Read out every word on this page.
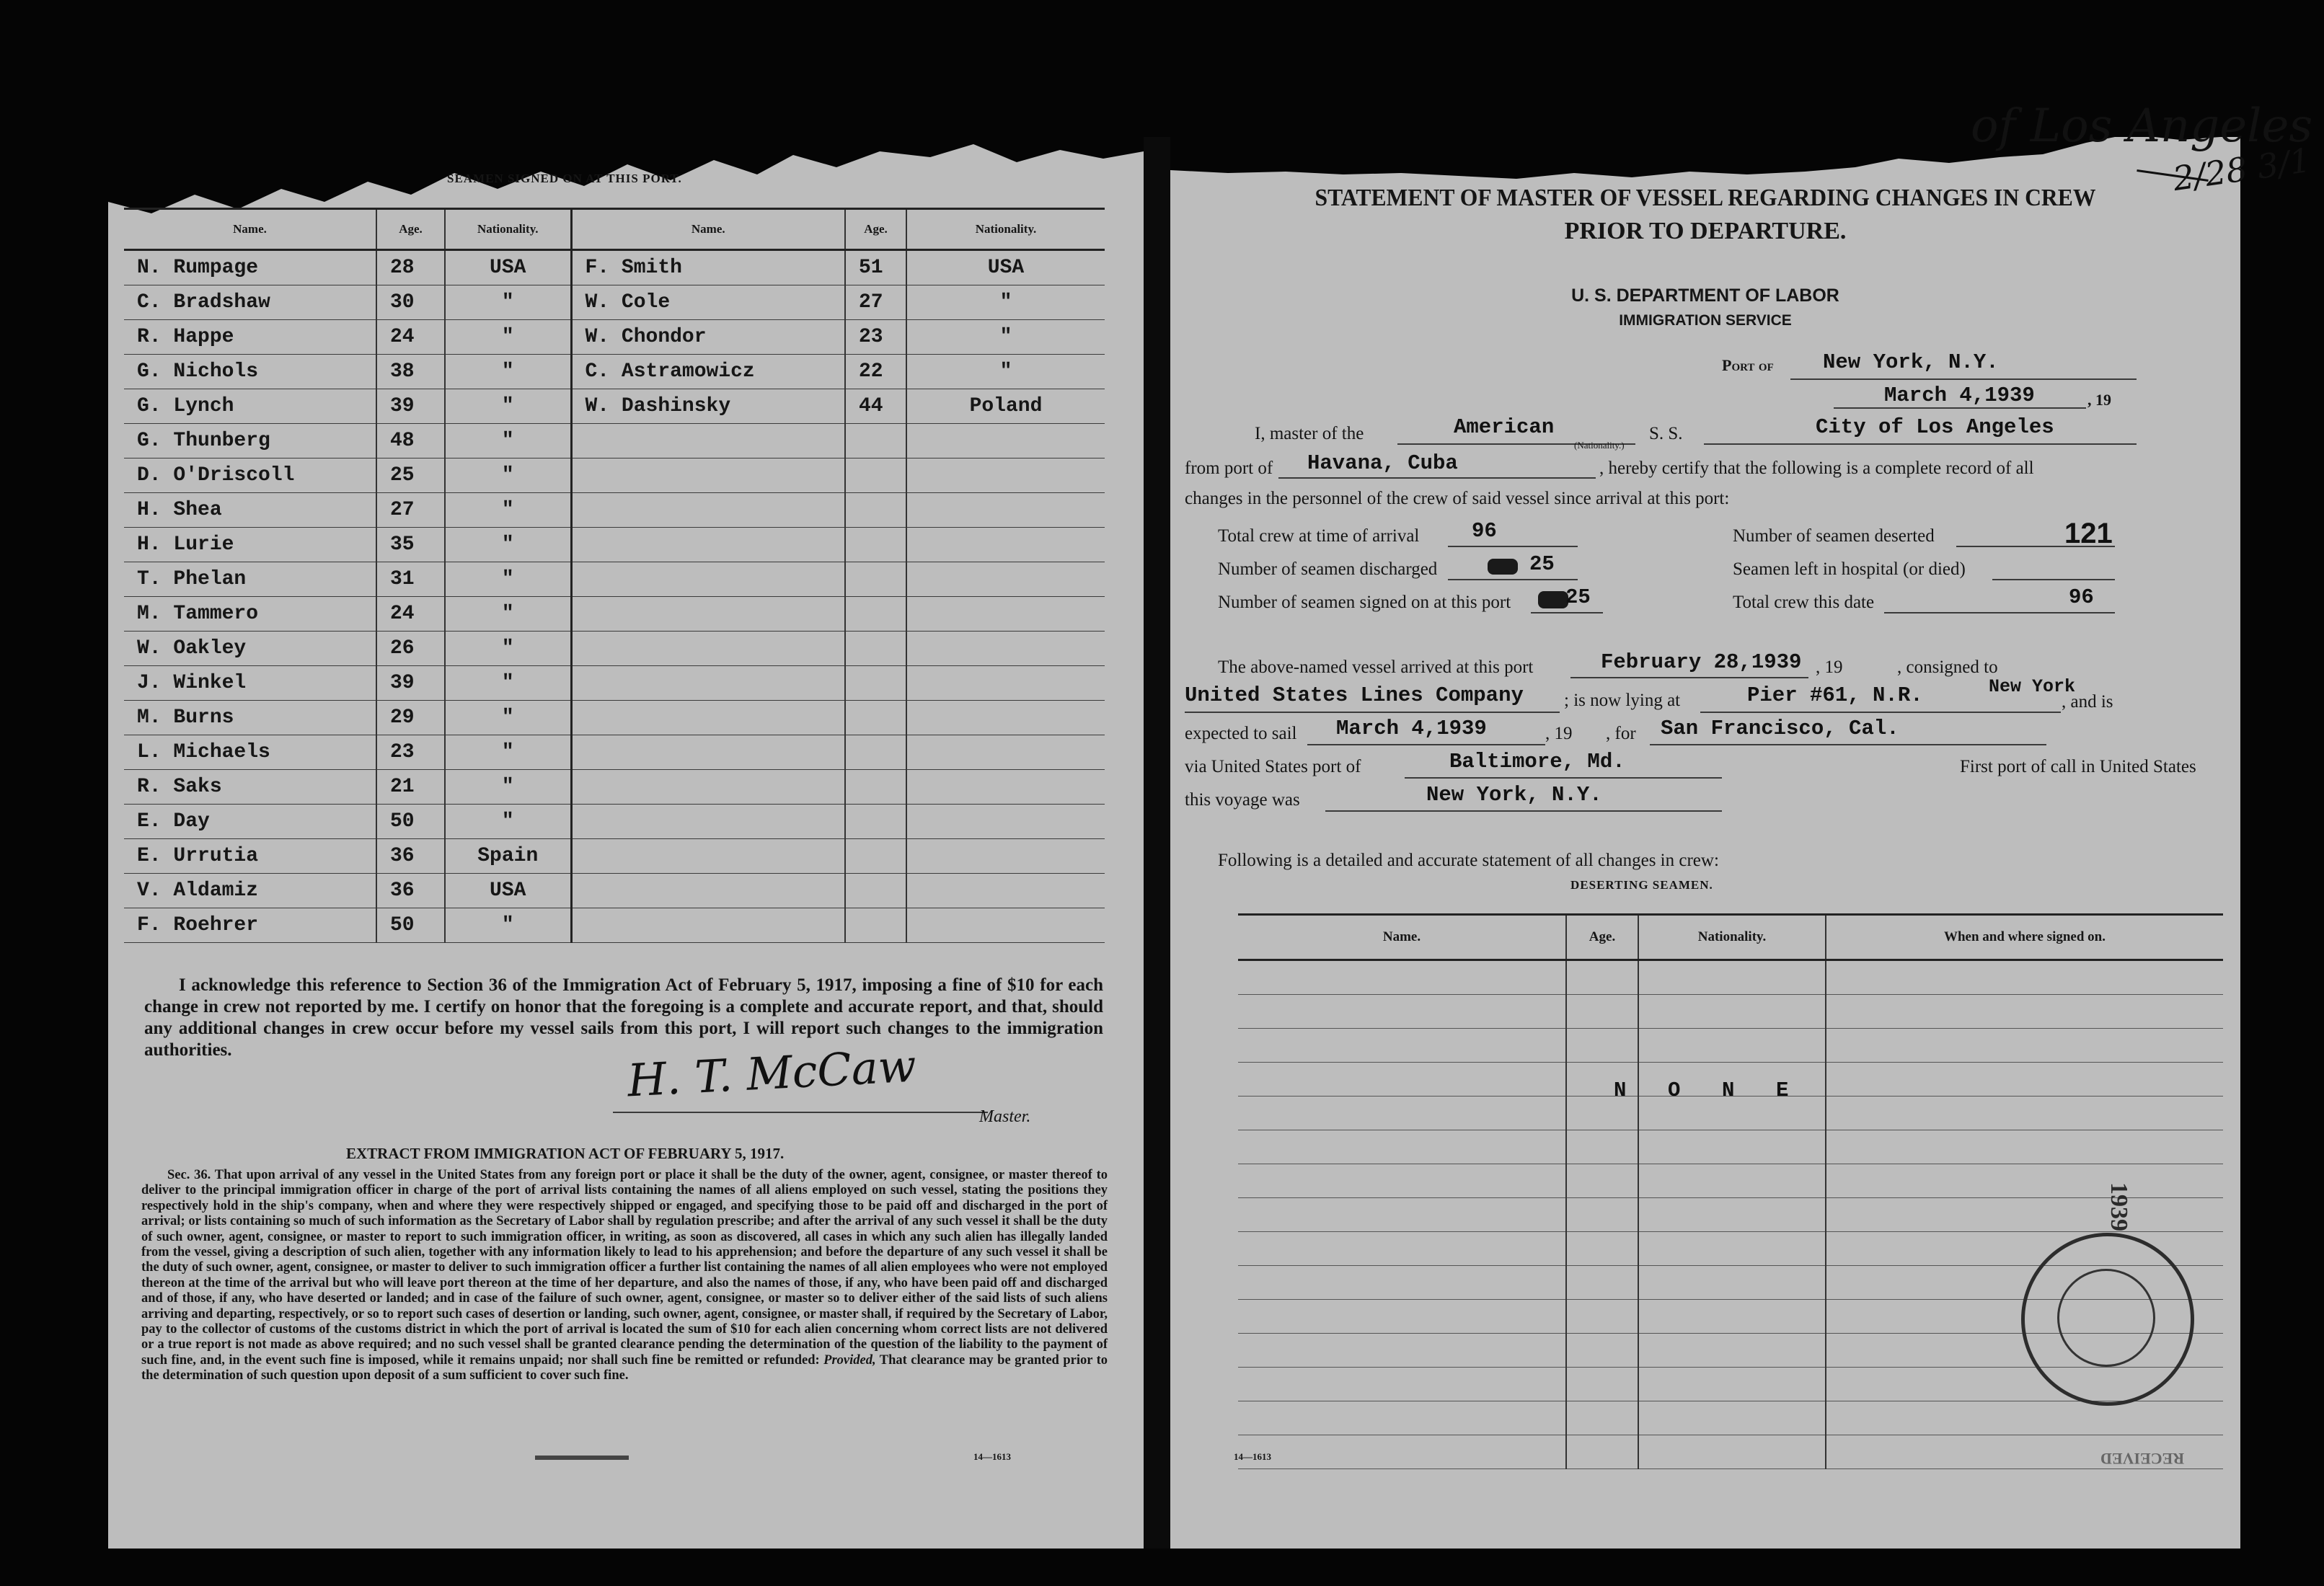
SEAMEN SIGNED ON AT THIS PORT.
Name.	Age.	Nationality.	Name.	Age.	Nationality.
N. Rumpage	28	USA	F. Smith	51	USA
C. Bradshaw	30	"	W. Cole	27	"
R. Happe	24	"	W. Chondor	23	"
G. Nichols	38	"	C. Astramowicz	22	"
G. Lynch	39	"	W. Dashinsky	44	Poland
G. Thunberg	48	"			
D. O'Driscoll	25	"			
H. Shea	27	"			
H. Lurie	35	"			
T. Phelan	31	"			
M. Tammero	24	"			
W. Oakley	26	"			
J. Winkel	39	"			
M. Burns	29	"			
L. Michaels	23	"			
R. Saks	21	"			
E. Day	50	"			
E. Urrutia	36	Spain			
V. Aldamiz	36	USA			
F. Roehrer	50	"			
I acknowledge this reference to Section 36 of the Immigration Act of February 5, 1917, imposing a fine of $10 for each change in crew not reported by me. I certify on honor that the foregoing is a complete and accurate report, and that, should any additional changes in crew occur before my vessel sails from this port, I will report such changes to the immigration authorities.	H. T. McCaw
Master.
EXTRACT FROM IMMIGRATION ACT OF FEBRUARY 5, 1917.
Sec. 36. That upon arrival of any vessel in the United States from any foreign port or place it shall be the duty of the owner, agent, consignee, or master thereof to deliver to the principal immigration officer in charge of the port of arrival lists containing the names of all aliens employed on such vessel, stating the positions they respectively hold in the ship's company, when and where they were respectively shipped or engaged, and specifying those to be paid off and discharged in the port of arrival; or lists containing so much of such information as the Secretary of Labor shall by regulation prescribe; and after the arrival of any such vessel it shall be the duty of such owner, agent, consignee, or master to report to such immigration officer, in writing, as soon as discovered, all cases in which any such alien has illegally landed from the vessel, giving a description of such alien, together with any information likely to lead to his apprehension; and before the departure of any such vessel it shall be the duty of such owner, agent, consignee, or master to deliver to such immigration officer a further list containing the names of all alien employees who were not employed thereon at the time of the arrival but who will leave port thereon at the time of her departure, and also the names of those, if any, who have been paid off and discharged and of those, if any, who have deserted or landed; and in case of the failure of such owner, agent, consignee, or master so to deliver either of the said lists of such aliens arriving and departing, respectively, or so to report such cases of desertion or landing, such owner, agent, consignee, or master shall, if required by the Secretary of Labor, pay to the collector of customs of the customs district in which the port of arrival is located the sum of $10 for each alien concerning whom correct lists are not delivered or a true report is not made as above required; and no such vessel shall be granted clearance pending the determination of the question of the liability to the payment of such fine, and, in the event such fine is imposed, while it remains unpaid; nor shall such fine be remitted or refunded: Provided, That clearance may be granted prior to the determination of such question upon deposit of a sum sufficient to cover such fine.
14—1613
of Los Angeles
2/28 3/1
STATEMENT OF MASTER OF VESSEL REGARDING CHANGES IN CREW
PRIOR TO DEPARTURE.
U. S. DEPARTMENT OF LABOR
IMMIGRATION SERVICE
Port of New York, N.Y.
March 4,1939	, 19
I, master of the	American
(Nationality.)
S. S.	City of Los Angeles
from port of Havana, Cuba	, hereby certify that the following is a complete record of all
changes in the personnel of the crew of said vessel since arrival at this port:
Total crew at time of arrival	96	Number of seamen deserted	121
Number of seamen discharged	25	Seamen left in hospital (or died)
Number of seamen signed on at this port	25	Total crew this date	96
The above-named vessel arrived at this port	February 28,1939 , 19	, consigned to
United States Lines Company ; is now lying at	Pier #61, N.R.	New York
, and is
expected to sail March 4,1939	, 19 , for San Francisco, Cal.
via United States port of	Baltimore, Md.	First port of call in United States
this voyage was	New York, N.Y.
Following is a detailed and accurate statement of all changes in crew:
DESERTING SEAMEN.
Name.	Age.	Nationality.	When and where signed on.

N O N E
1939
RECEIVED
14—1613
